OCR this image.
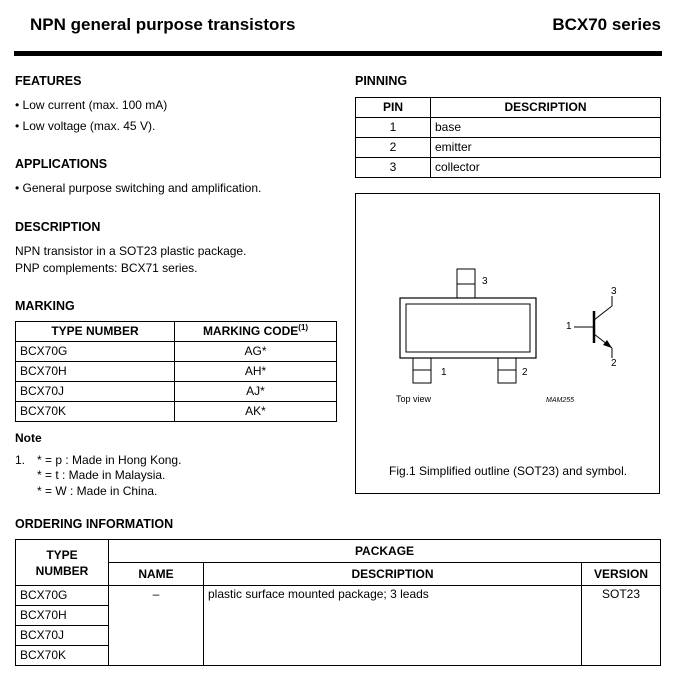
NPN general purpose transistors	BCX70 series
FEATURES
• Low current (max. 100 mA)
• Low voltage (max. 45 V).
APPLICATIONS
• General purpose switching and amplification.
DESCRIPTION
NPN transistor in a SOT23 plastic package.
PNP complements: BCX71 series.
MARKING
TYPE NUMBER	MARKING CODE$^{(1)}$
BCX70G	AG*
BCX70H	AH*
BCX70J	AJ*
BCX70K	AK*
Note
1. * = p : Made in Hong Kong.
* = t : Made in Malaysia.
* = W : Made in China.
PINNING
PIN	DESCRIPTION
1	base
2	emitter
3	collector
3
1	2
3
1
2
Top view	MAM255
Fig.1 Simplified outline (SOT23) and symbol.
ORDERING INFORMATION
TYPE
NUMBER	PACKAGE		
	NAME	DESCRIPTION	VERSION
BCX70G	–	plastic surface mounted package; 3 leads	SOT23
BCX70H			
BCX70J			
BCX70K			
